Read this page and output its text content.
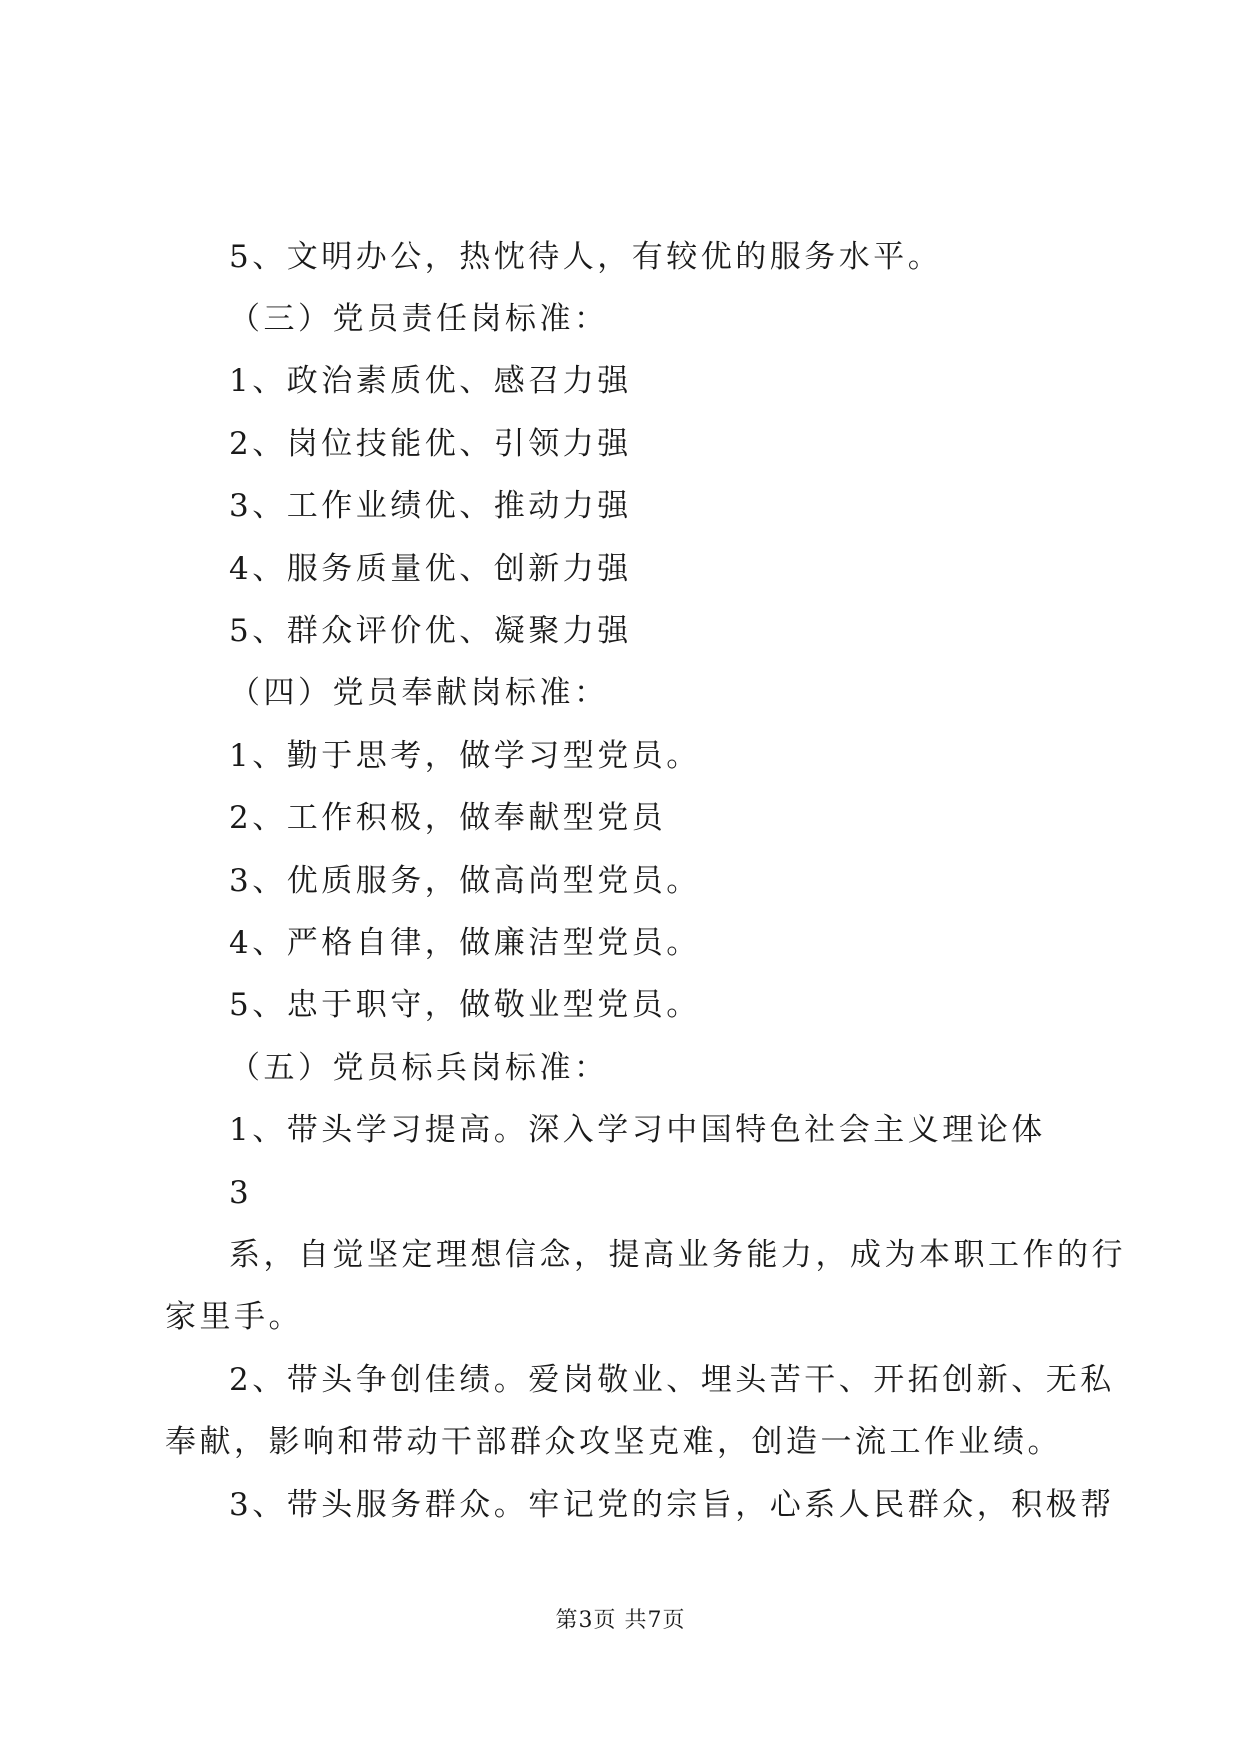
5、文明办公，热忱待人，有较优的服务水平。
（三）党员责任岗标准：
1、政治素质优、感召力强
2、岗位技能优、引领力强
3、工作业绩优、推动力强
4、服务质量优、创新力强
5、群众评价优、凝聚力强
（四）党员奉献岗标准：
1、勤于思考，做学习型党员。
2、工作积极，做奉献型党员
3、优质服务，做高尚型党员。
4、严格自律，做廉洁型党员。
5、忠于职守，做敬业型党员。
（五）党员标兵岗标准：
1、带头学习提高。深入学习中国特色社会主义理论体
3
系，自觉坚定理想信念，提高业务能力，成为本职工作的行
家里手。
2、带头争创佳绩。爱岗敬业、埋头苦干、开拓创新、无私
奉献，影响和带动干部群众攻坚克难，创造一流工作业绩。
3、带头服务群众。牢记党的宗旨，心系人民群众，积极帮
第3页 共7页
